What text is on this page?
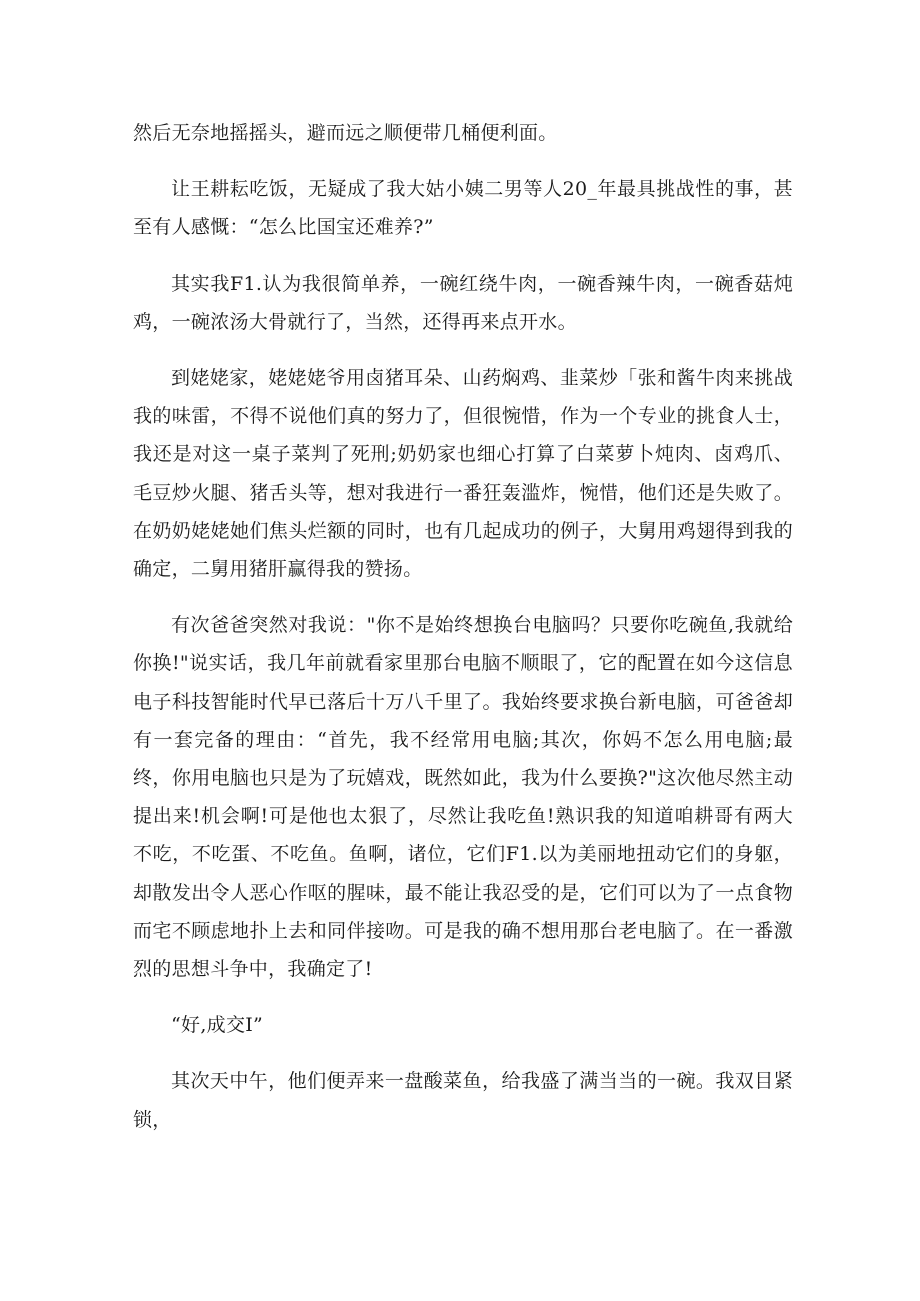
然后无奈地摇摇头，避而远之顺便带几桶便利面。

让王耕耘吃饭，无疑成了我大姑小姨二男等人20_年最具挑战性的事，甚至有人感慨：“怎么比国宝还难养?”

其实我F1.认为我很简单养，一碗红绕牛肉，一碗香辣牛肉，一碗香菇炖鸡，一碗浓汤大骨就行了，当然，还得再来点开水。

到姥姥家，姥姥姥爷用卤猪耳朵、山药焖鸡、韭菜炒「张和酱牛肉来挑战我的味雷，不得不说他们真的努力了，但很惋惜，作为一个专业的挑食人士，我还是对这一桌子菜判了死刑;奶奶家也细心打算了白菜萝卜炖肉、卤鸡爪、毛豆炒火腿、猪舌头等，想对我进行一番狂轰滥炸，惋惜，他们还是失败了。在奶奶姥姥她们焦头烂额的同时，也有几起成功的例子，大舅用鸡翅得到我的确定，二舅用猪肝赢得我的赞扬。

有次爸爸突然对我说："你不是始终想换台电脑吗？只要你吃碗鱼,我就给你换!"说实话，我几年前就看家里那台电脑不顺眼了，它的配置在如今这信息电子科技智能时代早已落后十万八千里了。我始终要求换台新电脑，可爸爸却有一套完备的理由：“首先，我不经常用电脑;其次，你妈不怎么用电脑;最终，你用电脑也只是为了玩嬉戏，既然如此，我为什么要换?"这次他尽然主动提出来!机会啊!可是他也太狠了，尽然让我吃鱼!熟识我的知道咱耕哥有两大不吃，不吃蛋、不吃鱼。鱼啊，诸位，它们F1.以为美丽地扭动它们的身躯，却散发出令人恶心作呕的腥味，最不能让我忍受的是，它们可以为了一点食物而宅不顾虑地扑上去和同伴接吻。可是我的确不想用那台老电脑了。在一番激烈的思想斗争中，我确定了!

“好,成交I”

其次天中午，他们便弄来一盘酸菜鱼，给我盛了满当当的一碗。我双目紧锁，
